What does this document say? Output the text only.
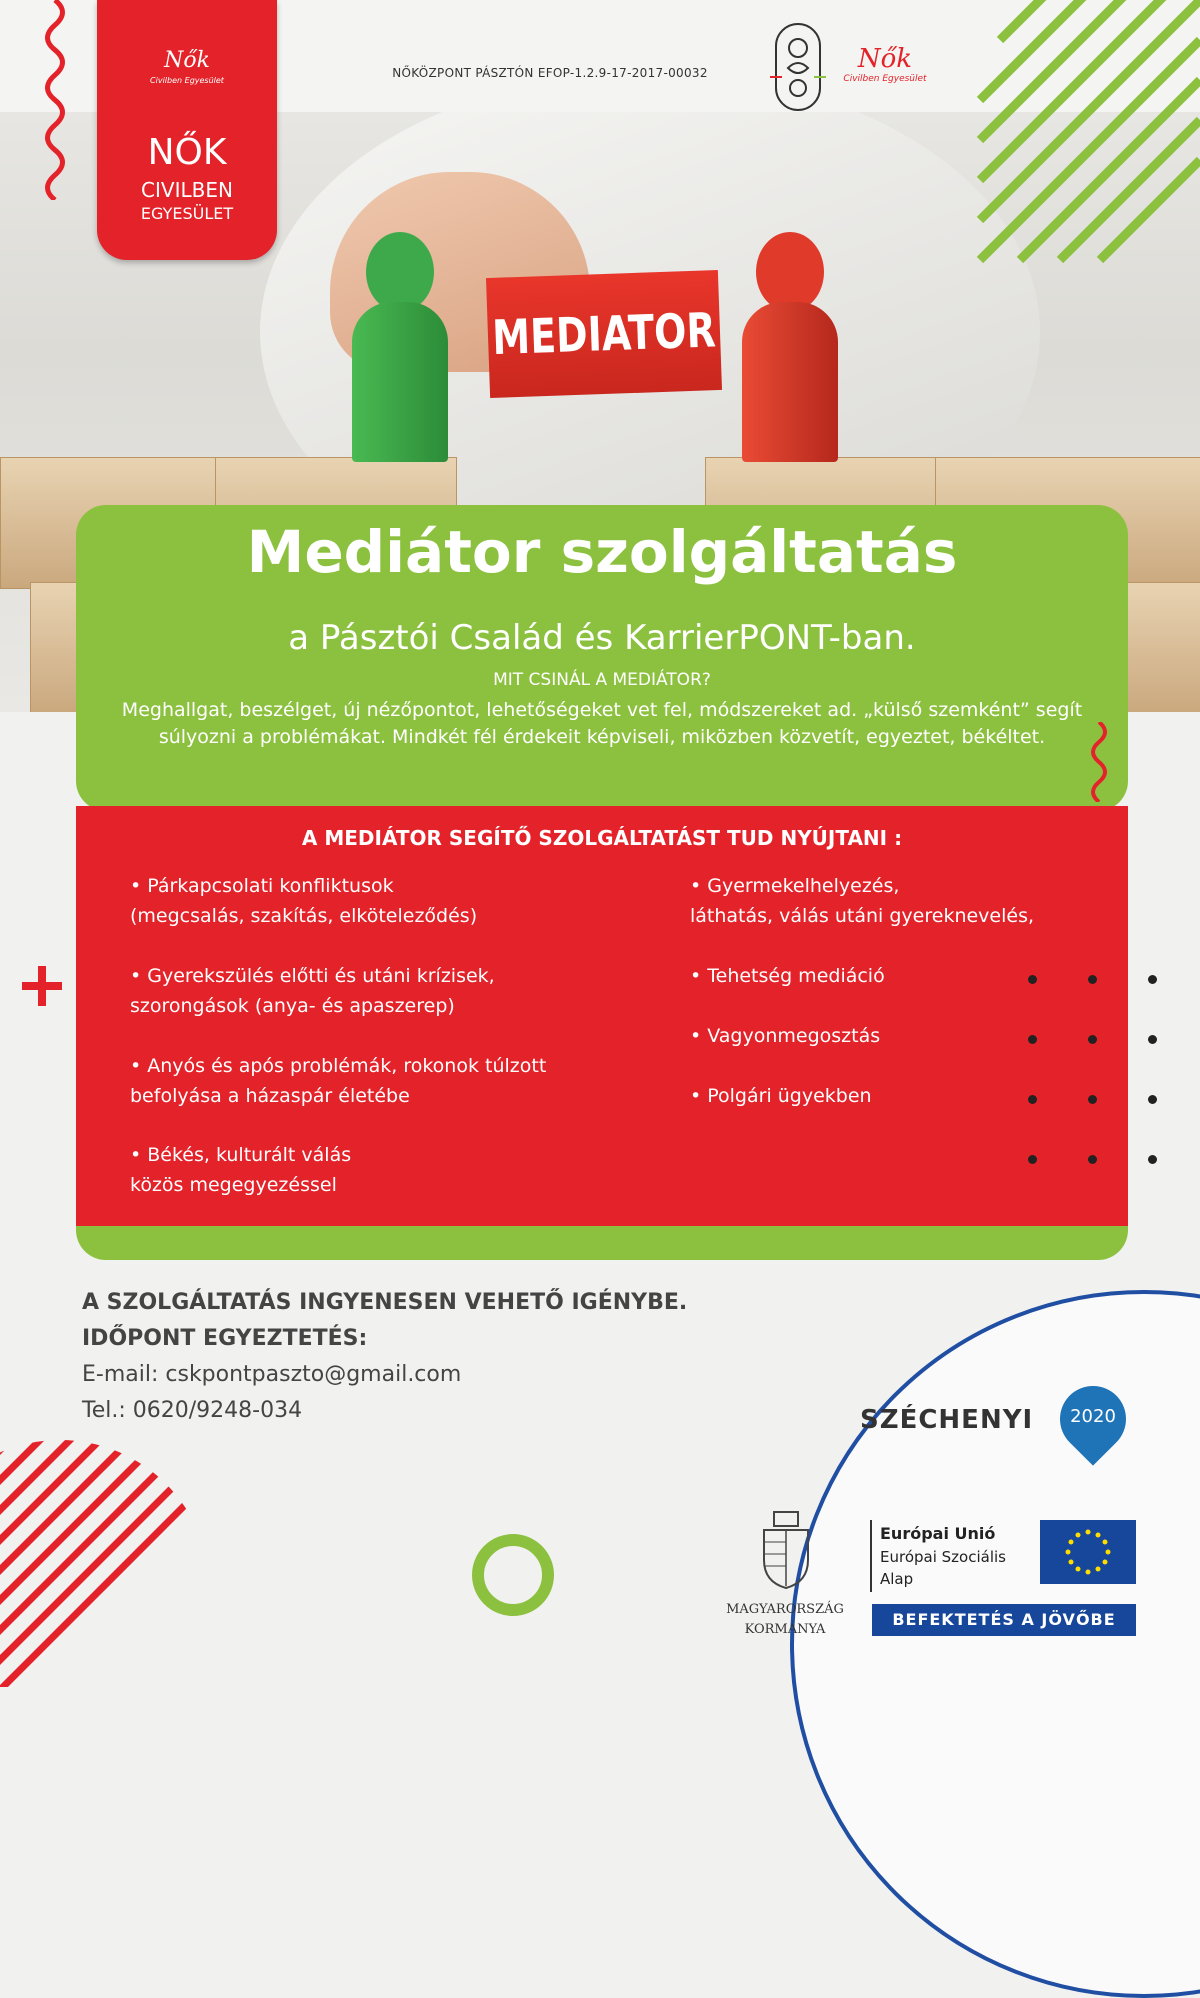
NŐKÖZPONT PÁSZTÓN EFOP-1.2.9-17-2017-00032	Nők
Civilben Egyesület
MEDIATOR
Nők
Civilben Egyesület
NŐK
CIVILBEN
EGYESÜLET
Mediátor szolgáltatás
a Pásztói Család és KarrierPONT-ban.
MIT CSINÁL A MEDIÁTOR?
Meghallgat, beszélget, új nézőpontot, lehetőségeket vet fel, módszereket ad. „külső szemként” segít súlyozni a problémákat. Mindkét fél érdekeit képviseli, miközben közvetít, egyeztet, békéltet.
A MEDIÁTOR SEGÍTŐ SZOLGÁLTATÁST TUD NYÚJTANI :
• Párkapcsolati konfliktusok
(megcsalás, szakítás, elköteleződés)
• Gyerekszülés előtti és utáni krízisek,
szorongások (anya- és apaszerep)
• Anyós és após problémák, rokonok túlzott
befolyása a házaspár életébe
• Békés, kulturált válás
közös megegyezéssel
• Gyermekelhelyezés,
láthatás, válás utáni gyereknevelés,
• Tehetség mediáció
• Vagyonmegosztás
• Polgári ügyekben
A SZOLGÁLTATÁS INGYENESEN VEHETŐ IGÉNYBE.
IDŐPONT EGYEZTETÉS:
E-mail: cskpontpaszto@gmail.com
Tel.: 0620/9248-034	SZÉCHENYI	2020
MAGYARORSZÁG
KORMÁNYA
Európai Unió
Európai Szociális
Alap
BEFEKTETÉS A JÖVŐBE
